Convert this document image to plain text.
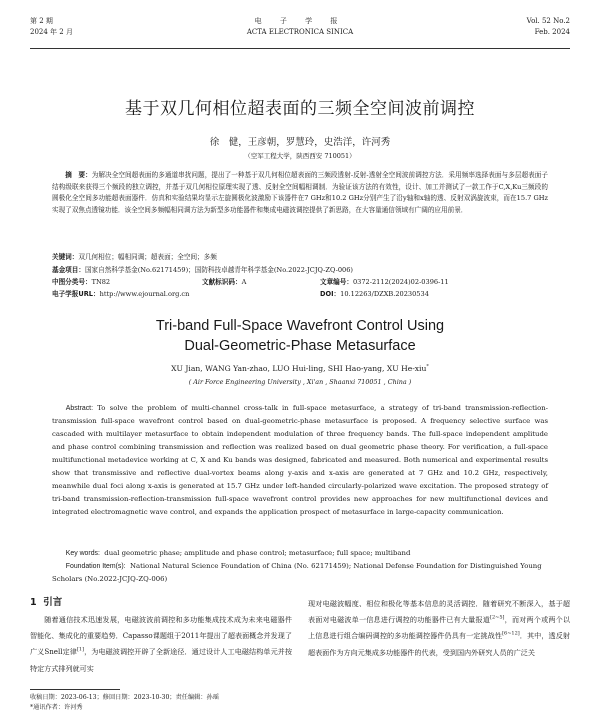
第 2 期
2024 年 2 月
电 子 学 报
ACTA ELECTRONICA SINICA
Vol. 52 No.2
Feb. 2024
基于双几何相位超表面的三频全空间波前调控
徐　健，王彦朝，罗慧玲，史浩洋，许河秀
（空军工程大学，陕西西安 710051）
摘　要：为解决全空间超表面的多通道串扰问题，提出了一种基于双几何相位超表面的三频段透射-反射-透射全空间波前调控方法．采用频率选择表面与多层超表面子结构级联来获得三个频段的独立调控，并基于双几何相位原理实现了透、反射全空间幅相调制．为验证该方法的有效性，设计、加工并测试了一款工作于C,X,Ku三频段的圆极化全空间多功能超表面器件．仿真和实验结果均显示左旋圆极化波激励下该器件在7 GHz和10.2 GHz分别产生了沿y轴和x轴的透、反射双涡旋波束，而在15.7 GHz实现了双焦点透镜功能．该全空间多频幅相同调方法为新型多功能器件和集成电磁波调控提供了新思路，在大容量通信领域有广阔的应用前景．
关键词：双几何相位；幅相同调；超表面；全空间；多频
基金项目：国家自然科学基金(No.62171459)；国防科技卓越青年科学基金(No.2022-JCJQ-ZQ-006)
中图分类号：TN82	文献标识码：A	文章编号：0372-2112(2024)02-0396-11
电子学报URL：http://www.ejournal.org.cn	DOI：10.12263/DZXB.20230534
Tri-band Full-Space Wavefront Control Using
Dual-Geometric-Phase Metasurface
XU Jian, WANG Yan-zhao, LUO Hui-ling, SHI Hao-yang, XU He-xiu*
( Air Force Engineering University , Xi'an , Shaanxi 710051 , China )
Abstract: To solve the problem of multi-channel cross-talk in full-space metasurface, a strategy of tri-band transmission-reflection-transmission full-space wavefront control based on dual-geometric-phase metasurface is proposed. A frequency selective surface was cascaded with multilayer metasurface to obtain independent modulation of three frequency bands. The full-space independent amplitude and phase control combining transmission and reflection was realized based on dual geometric phase theory. For verification, a full-space multifunctional metadevice working at C, X and Ku bands was designed, fabricated and measured. Both numerical and experimental results show that transmissive and reflective dual-vortex beams along y-axis and x-axis are generated at 7 GHz and 10.2 GHz, respectively, meanwhile dual foci along x-axis is generated at 15.7 GHz under left-handed circularly-polarized wave excitation. The proposed strategy of tri-band transmission-reflection-transmission full-space wavefront control provides new approaches for new multifunctional devices and integrated electromagnetic wave control, and expands the application prospect of metasurface in large-capacity communication.
Key words: dual geometric phase; amplitude and phase control; metasurface; full space; multiband
Foundation Item(s): National Natural Science Foundation of China (No. 62171459); National Defense Foundation for Distinguished Young Scholars (No.2022-JCJQ-ZQ-006)
1 引言
随着通信技术迅速发展，电磁波波前调控和多功能集成技术成为未来电磁器件智能化、集成化的重要趋势．Capasso课题组于2011年提出了超表面概念并发现了广义Snell定律[1]，为电磁波调控开辟了全新途径．通过设计人工电磁结构单元并按特定方式排列就可实
现对电磁波幅度、相位和极化等基本信息的灵活调控．随着研究不断深入，基于超表面对电磁波单一信息进行调控的功能器件已有大量报道[2~5]，而对两个或两个以上信息进行组合编码调控的多功能调控器件仍具有一定挑战性[6~12]．其中，透反射超表面作为方向元集成多功能器件的代表，受到国内外研究人员的广泛关
收稿日期：2023-06-13；修回日期：2023-10-30；责任编辑：孙瑶
*通讯作者：许河秀
